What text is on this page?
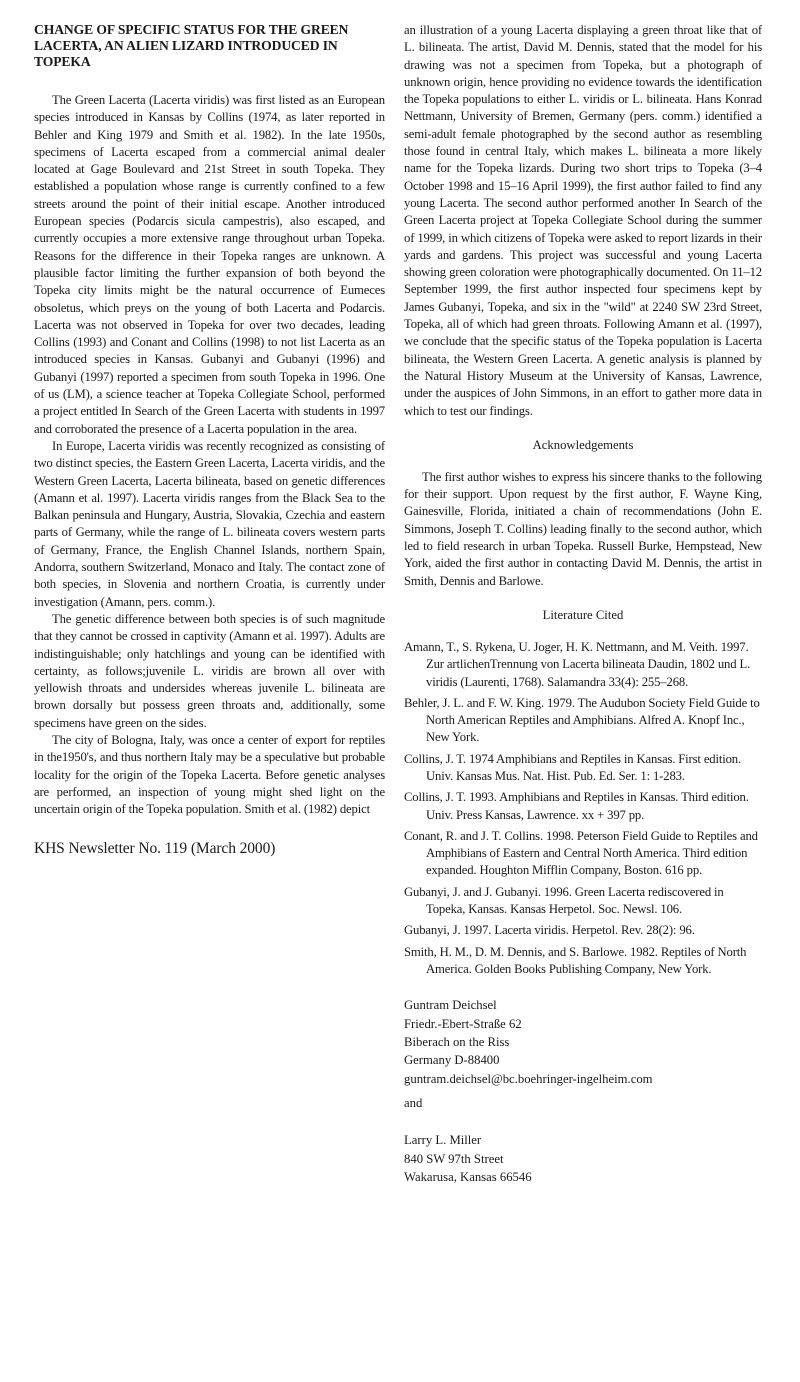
CHANGE OF SPECIFIC STATUS FOR THE GREEN LACERTA, AN ALIEN LIZARD INTRODUCED IN TOPEKA

The Green Lacerta (Lacerta viridis) was first listed as an European species introduced in Kansas by Collins (1974, as later reported in Behler and King 1979 and Smith et al. 1982). In the late 1950s, specimens of Lacerta escaped from a commercial animal dealer located at Gage Boulevard and 21st Street in south Topeka. They established a population whose range is currently confined to a few streets around the point of their initial escape. Another introduced European species (Podarcis sicula campestris), also escaped, and currently occupies a more extensive range throughout urban Topeka. Reasons for the difference in their Topeka ranges are unknown. A plausible factor limiting the further expansion of both beyond the Topeka city limits might be the natural occurrence of Eumeces obsoletus, which preys on the young of both Lacerta and Podarcis. Lacerta was not observed in Topeka for over two decades, leading Collins (1993) and Conant and Collins (1998) to not list Lacerta as an introduced species in Kansas. Gubanyi and Gubanyi (1996) and Gubanyi (1997) reported a specimen from south Topeka in 1996. One of us (LM), a science teacher at Topeka Collegiate School, performed a project entitled In Search of the Green Lacerta with students in 1997 and corroborated the presence of a Lacerta population in the area.

In Europe, Lacerta viridis was recently recognized as consisting of two distinct species, the Eastern Green Lacerta, Lacerta viridis, and the Western Green Lacerta, Lacerta bilineata, based on genetic differences (Amann et al. 1997). Lacerta viridis ranges from the Black Sea to the Balkan peninsula and Hungary, Austria, Slovakia, Czechia and eastern parts of Germany, while the range of L. bilineata covers western parts of Germany, France, the English Channel Islands, northern Spain, Andorra, southern Switzerland, Monaco and Italy. The contact zone of both species, in Slovenia and northern Croatia, is currently under investigation (Amann, pers. comm.).

The genetic difference between both species is of such magnitude that they cannot be crossed in captivity (Amann et al. 1997). Adults are indistinguishable; only hatchlings and young can be identified with certainty, as follows;juvenile L. viridis are brown all over with yellowish throats and undersides whereas juvenile L. bilineata are brown dorsally but possess green throats and, additionally, some specimens have green on the sides.

The city of Bologna, Italy, was once a center of export for reptiles in the1950's, and thus northern Italy may be a speculative but probable locality for the origin of the Topeka Lacerta. Before genetic analyses are performed, an inspection of young might shed light on the uncertain origin of the Topeka population. Smith et al. (1982) depict

KHS Newsletter No. 119 (March 2000)

an illustration of a young Lacerta displaying a green throat like that of L. bilineata. The artist, David M. Dennis, stated that the model for his drawing was not a specimen from Topeka, but a photograph of unknown origin, hence providing no evidence towards the identification the Topeka populations to either L. viridis or L. bilineata. Hans Konrad Nettmann, University of Bremen, Germany (pers. comm.) identified a semi-adult female photographed by the second author as resembling those found in central Italy, which makes L. bilineata a more likely name for the Topeka lizards. During two short trips to Topeka (3–4 October 1998 and 15–16 April 1999), the first author failed to find any young Lacerta. The second author performed another In Search of the Green Lacerta project at Topeka Collegiate School during the summer of 1999, in which citizens of Topeka were asked to report lizards in their yards and gardens. This project was successful and young Lacerta showing green coloration were photographically documented. On 11–12 September 1999, the first author inspected four specimens kept by James Gubanyi, Topeka, and six in the "wild" at 2240 SW 23rd Street, Topeka, all of which had green throats. Following Amann et al. (1997), we conclude that the specific status of the Topeka population is Lacerta bilineata, the Western Green Lacerta. A genetic analysis is planned by the Natural History Museum at the University of Kansas, Lawrence, under the auspices of John Simmons, in an effort to gather more data in which to test our findings.

Acknowledgements

The first author wishes to express his sincere thanks to the following for their support. Upon request by the first author, F. Wayne King, Gainesville, Florida, initiated a chain of recommendations (John E. Simmons, Joseph T. Collins) leading finally to the second author, which led to field research in urban Topeka. Russell Burke, Hempstead, New York, aided the first author in contacting David M. Dennis, the artist in Smith, Dennis and Barlowe.

Literature Cited
Amann, T., S. Rykena, U. Joger, H. K. Nettmann, and M. Veith. 1997. Zur artlichenTrennung von Lacerta bilineata Daudin, 1802 und L. viridis (Laurenti, 1768). Salamandra 33(4): 255–268.
Behler, J. L. and F. W. King. 1979. The Audubon Society Field Guide to North American Reptiles and Amphibians. Alfred A. Knopf Inc., New York.
Collins, J. T. 1974 Amphibians and Reptiles in Kansas. First edition. Univ. Kansas Mus. Nat. Hist. Pub. Ed. Ser. 1: 1-283.
Collins, J. T. 1993. Amphibians and Reptiles in Kansas. Third edition. Univ. Press Kansas, Lawrence. xx + 397 pp.
Conant, R. and J. T. Collins. 1998. Peterson Field Guide to Reptiles and Amphibians of Eastern and Central North America. Third edition expanded. Houghton Mifflin Company, Boston. 616 pp.
Gubanyi, J. and J. Gubanyi. 1996. Green Lacerta rediscovered in Topeka, Kansas. Kansas Herpetol. Soc. Newsl. 106.
Gubanyi, J. 1997. Lacerta viridis. Herpetol. Rev. 28(2): 96.
Smith, H. M., D. M. Dennis, and S. Barlowe. 1982. Reptiles of North America. Golden Books Publishing Company, New York.
Guntram Deichsel
Friedr.-Ebert-Straße 62
Biberach on the Riss
Germany D-88400
guntram.deichsel@bc.boehringer-ingelheim.com
and
Larry L. Miller
840 SW 97th Street
Wakarusa, Kansas 66546
